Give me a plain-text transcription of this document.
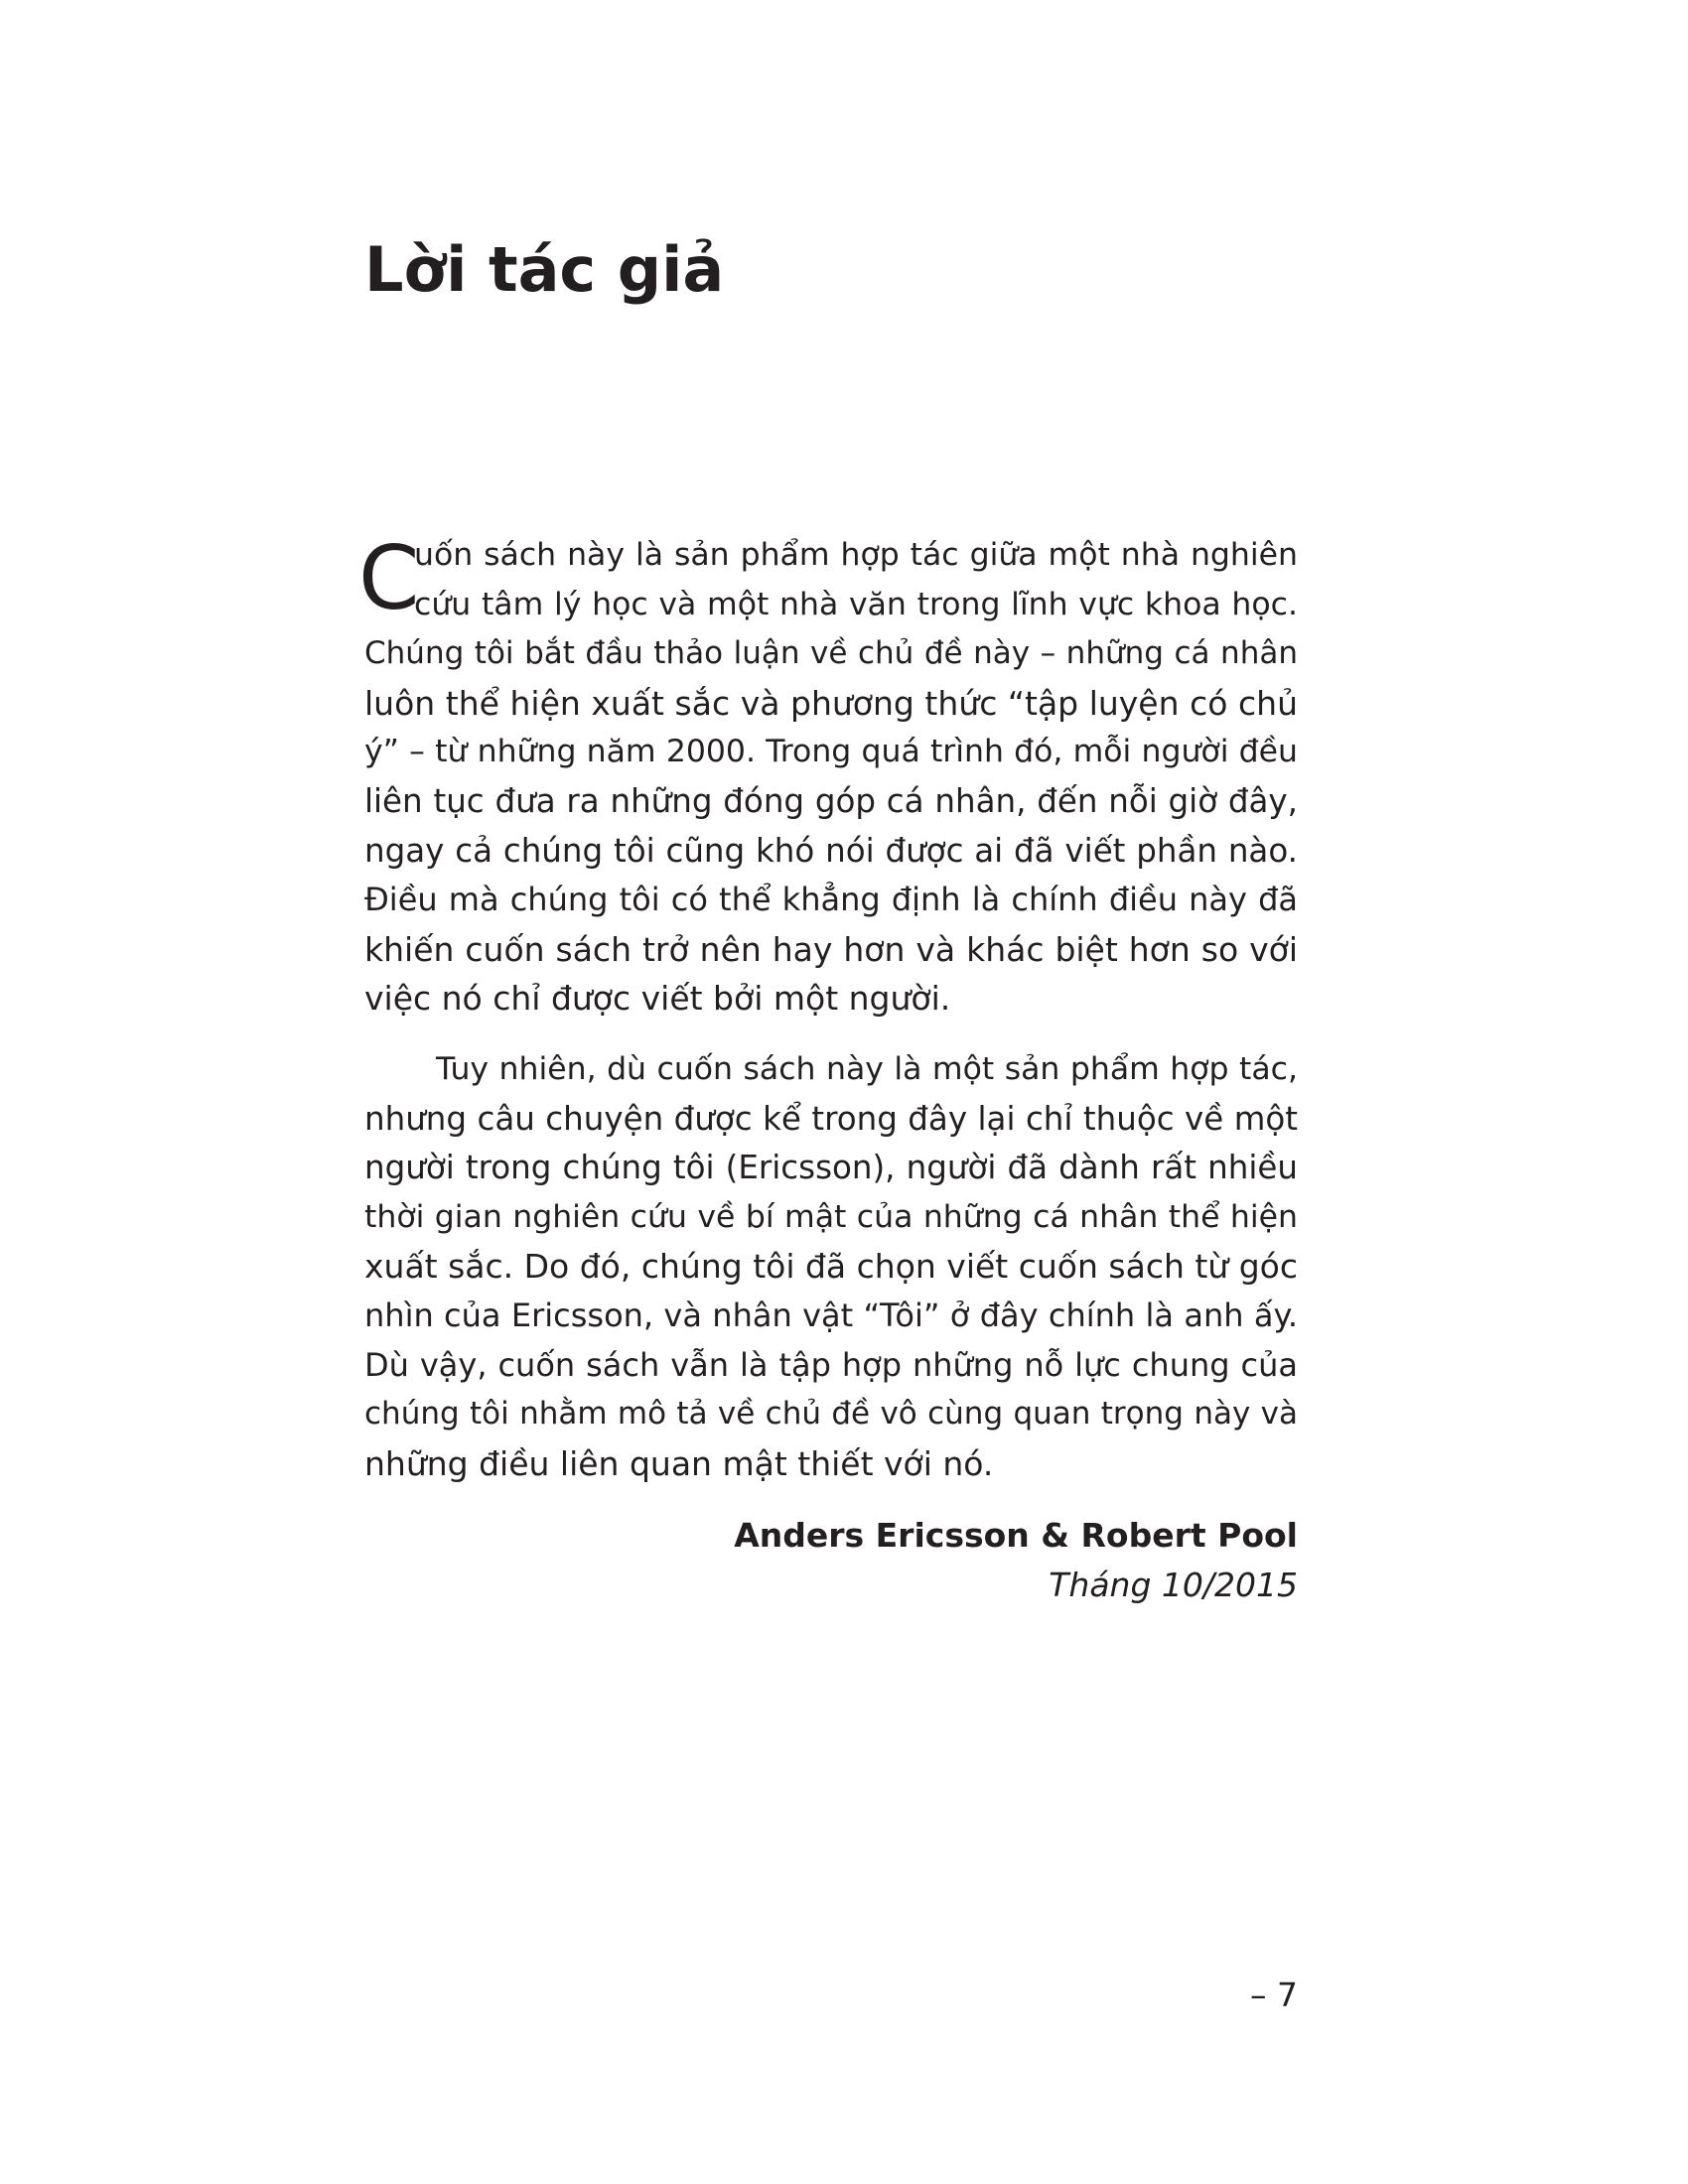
Lời tác giả
C
uốn sách này là sản phẩm hợp tác giữa một nhà nghiên
cứu tâm lý học và một nhà văn trong lĩnh vực khoa học.
Chúng tôi bắt đầu thảo luận về chủ đề này – những cá nhân
luôn thể hiện xuất sắc và phương thức “tập luyện có chủ
ý” – từ những năm 2000. Trong quá trình đó, mỗi người đều
liên tục đưa ra những đóng góp cá nhân, đến nỗi giờ đây,
ngay cả chúng tôi cũng khó nói được ai đã viết phần nào.
Điều mà chúng tôi có thể khẳng định là chính điều này đã
khiến cuốn sách trở nên hay hơn và khác biệt hơn so với
việc nó chỉ được viết bởi một người.
Tuy nhiên, dù cuốn sách này là một sản phẩm hợp tác,
nhưng câu chuyện được kể trong đây lại chỉ thuộc về một
người trong chúng tôi (Ericsson), người đã dành rất nhiều
thời gian nghiên cứu về bí mật của những cá nhân thể hiện
xuất sắc. Do đó, chúng tôi đã chọn viết cuốn sách từ góc
nhìn của Ericsson, và nhân vật “Tôi” ở đây chính là anh ấy.
Dù vậy, cuốn sách vẫn là tập hợp những nỗ lực chung của
chúng tôi nhằm mô tả về chủ đề vô cùng quan trọng này và
những điều liên quan mật thiết với nó.
Anders Ericsson & Robert Pool
Tháng 10/2015
– 7
